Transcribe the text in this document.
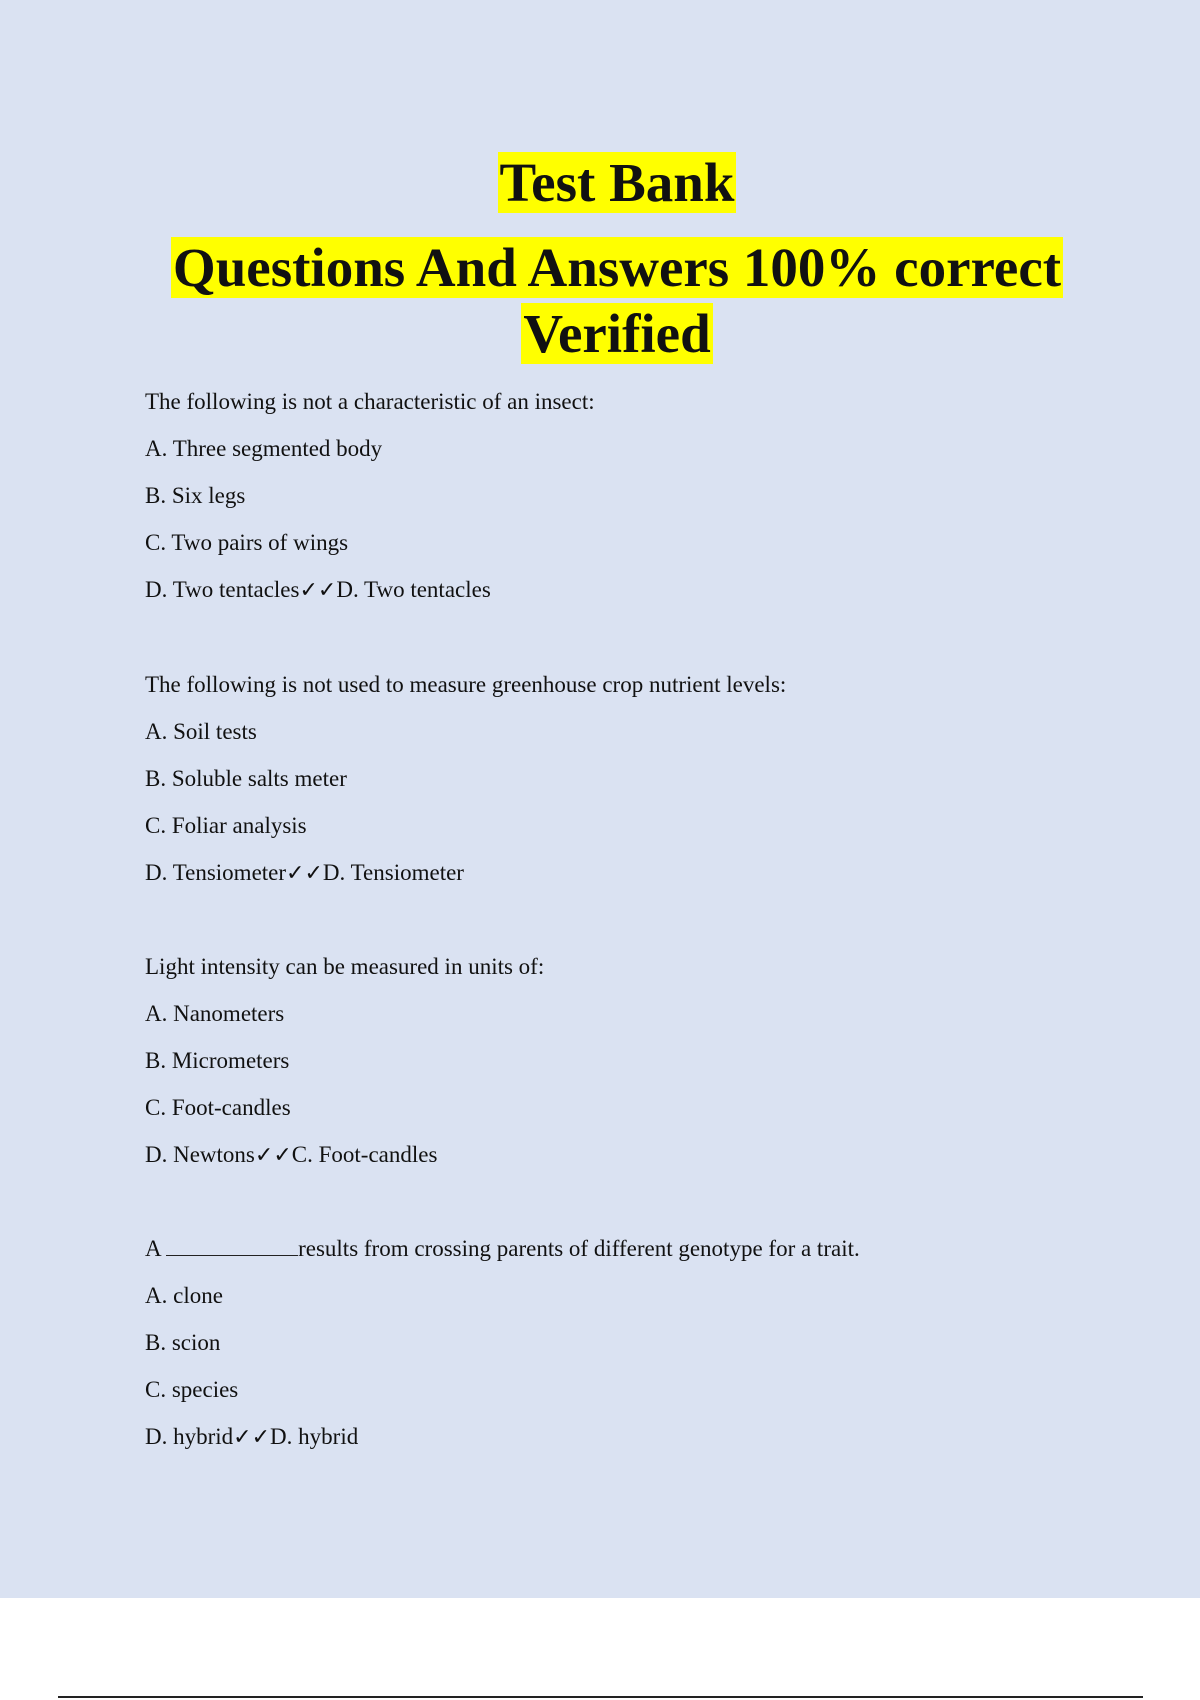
Test Bank

Questions And Answers 100% correct

Verified

The following is not a characteristic of an insect:

A. Three segmented body

B. Six legs

C. Two pairs of wings

D. Two tentacles✓✓D. Two tentacles

The following is not used to measure greenhouse crop nutrient levels:

A. Soil tests

B. Soluble salts meter

C. Foliar analysis

D. Tensiometer✓✓D. Tensiometer

Light intensity can be measured in units of:

A. Nanometers

B. Micrometers

C. Foot-candles

D. Newtons✓✓C. Foot-candles

A	results from crossing parents of different genotype for a trait.

A. clone

B. scion

C. species

D. hybrid✓✓D. hybrid
